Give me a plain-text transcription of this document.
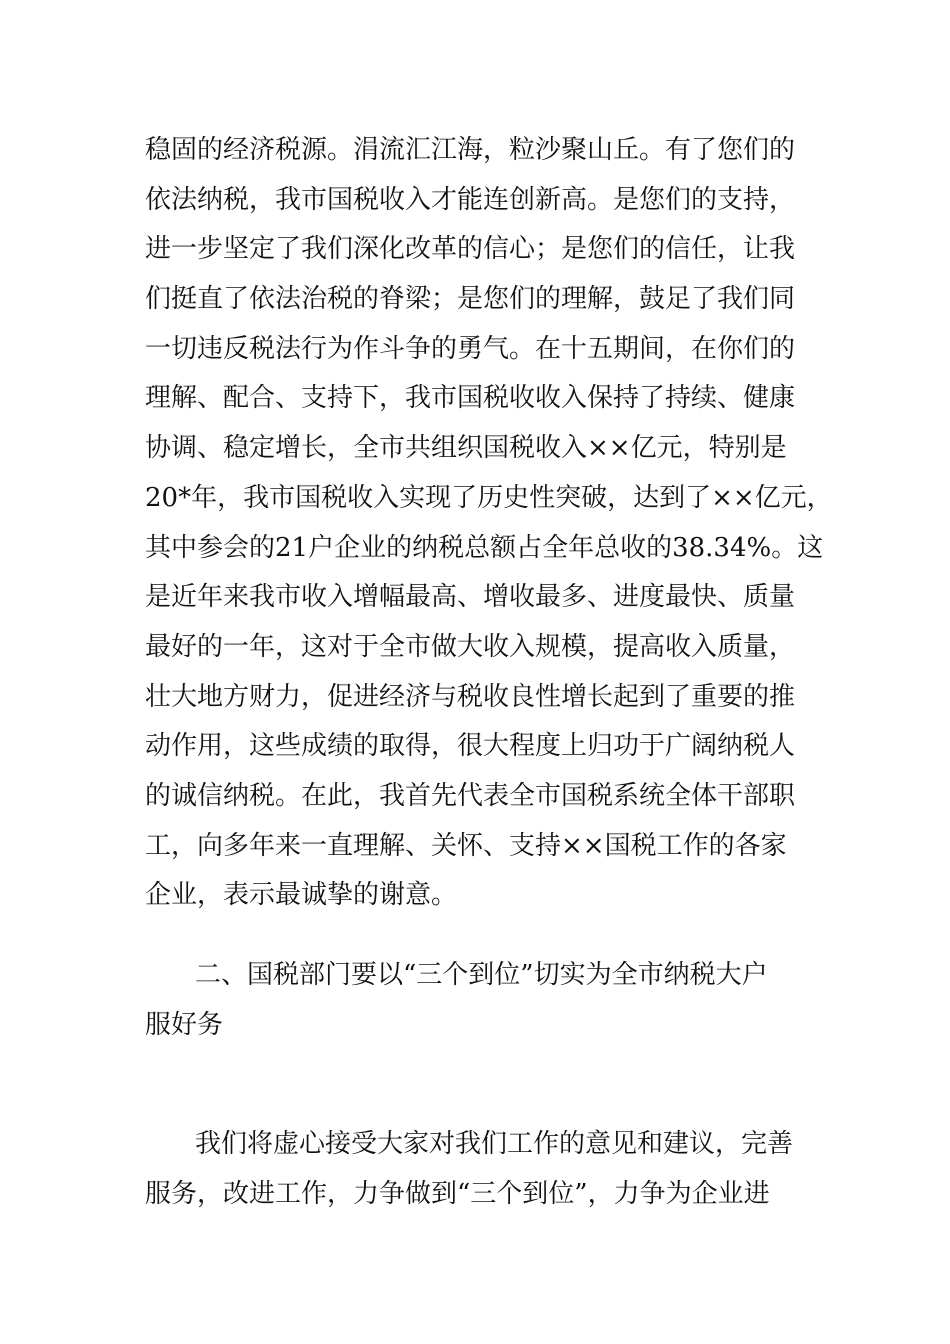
稳固的经济税源。涓流汇江海，粒沙聚山丘。有了您们的
依法纳税，我市国税收入才能连创新高。是您们的支持，
进一步坚定了我们深化改革的信心；是您们的信任，让我
们挺直了依法治税的脊梁；是您们的理解，鼓足了我们同
一切违反税法行为作斗争的勇气。在十五期间，在你们的
理解、配合、支持下，我市国税收收入保持了持续、健康
协调、稳定增长，全市共组织国税收入××亿元，特别是
20*年，我市国税收入实现了历史性突破，达到了××亿元，
其中参会的21户企业的纳税总额占全年总收的38.34%。这
是近年来我市收入增幅最高、增收最多、进度最快、质量
最好的一年，这对于全市做大收入规模，提高收入质量，
壮大地方财力，促进经济与税收良性增长起到了重要的推
动作用，这些成绩的取得，很大程度上归功于广阔纳税人
的诚信纳税。在此，我首先代表全市国税系统全体干部职
工，向多年来一直理解、关怀、支持××国税工作的各家
企业，表示最诚挚的谢意。
二、国税部门要以“三个到位”切实为全市纳税大户
服好务
我们将虚心接受大家对我们工作的意见和建议，完善
服务，改进工作，力争做到“三个到位”，力争为企业进
